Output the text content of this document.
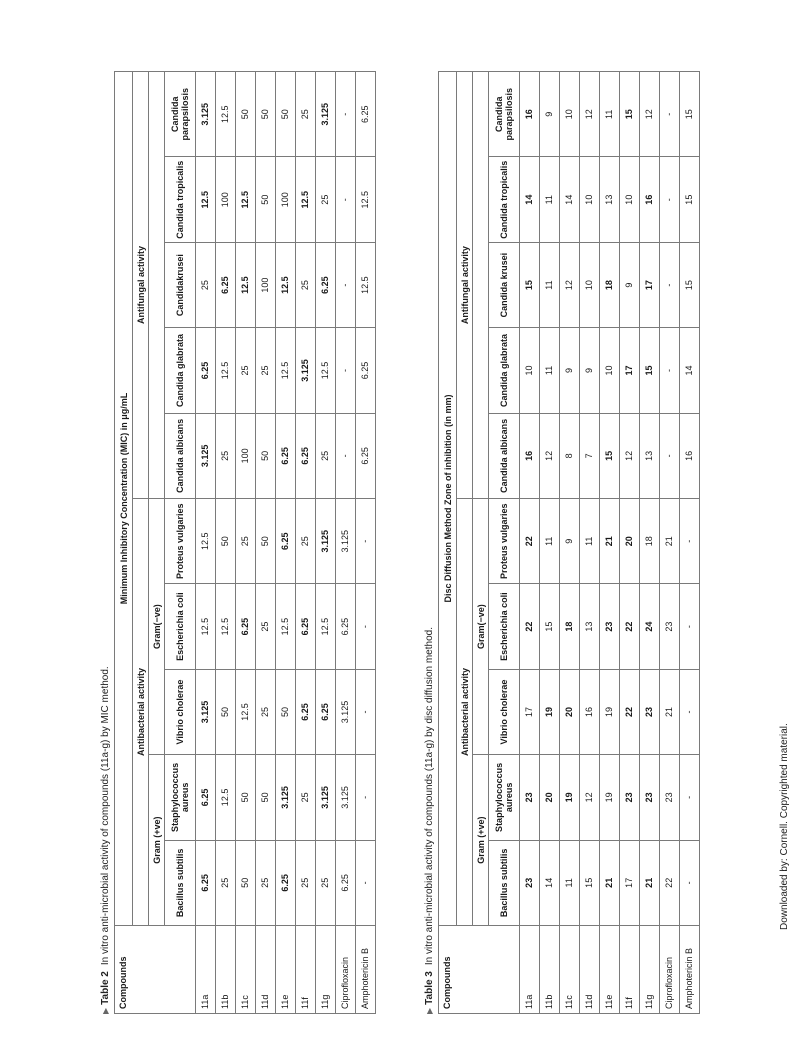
▶Table 2In vitro anti-microbial activity of compounds (11a-g) by MIC method.
Compounds	Minimum Inhibitory Concentration (MIC) in μg/mL									
	Antibacterial activity					Antifungal activity				
	Gram (+ve)		Gram(−ve)							
	Bacillus subtilis	Staphylococcus aureus	Vibrio cholerae	Escherichia coli	Proteus vulgaries	Candida albicans	Candida glabrata	Candidakrusei	Candida tropicalis	Candida parapsilosis
11a	6.25	6.25	3.125	12.5	12.5	3.125	6.25	25	12.5	3.125
11b	25	12.5	50	12.5	50	25	12.5	6.25	100	12.5
11c	50	50	12.5	6.25	25	100	25	12.5	12.5	50
11d	25	50	25	25	50	50	25	100	50	50
11e	6.25	3.125	50	12.5	6.25	6.25	12.5	12.5	100	50
11f	25	25	6.25	6.25	25	6.25	3.125	25	12.5	25
11g	25	3.125	6.25	12.5	3.125	25	12.5	6.25	25	3.125
Ciprofloxacin	6.25	3.125	3.125	6.25	3.125	-	-	-	-	-
Amphotericin B	-	-	-	-	-	6.25	6.25	12.5	12.5	6.25
▶Table 3In vitro anti-microbial activity of compounds (11a-g) by disc diffusion method.
Compounds	Disc Diffusion Method Zone of inhibition (in mm)									
	Antibacterial activity					Antifungal activity				
	Gram (+ve)		Gram(−ve)							
	Bacillus subtilis	Staphylococcus aureus	Vibrio cholerae	Escherichia coli	Proteus vulgaries	Candida albicans	Candida glabrata	Candida krusei	Candida tropicalis	Candida parapsilosis
11a	23	23	17	22	22	16	10	15	14	16
11b	14	20	19	15	11	12	11	11	11	9
11c	11	19	20	18	9	8	9	12	14	10
11d	15	12	16	13	11	7	9	10	10	12
11e	21	19	19	23	21	15	10	18	13	11
11f	17	23	22	22	20	12	17	9	10	15
11g	21	23	23	24	18	13	15	17	16	12
Ciprofloxacin	22	23	21	23	21	-	-	-	-	-
Amphotericin B	-	-	-	-	-	16	14	15	15	15
Downloaded by: Cornell. Copyrighted material.
